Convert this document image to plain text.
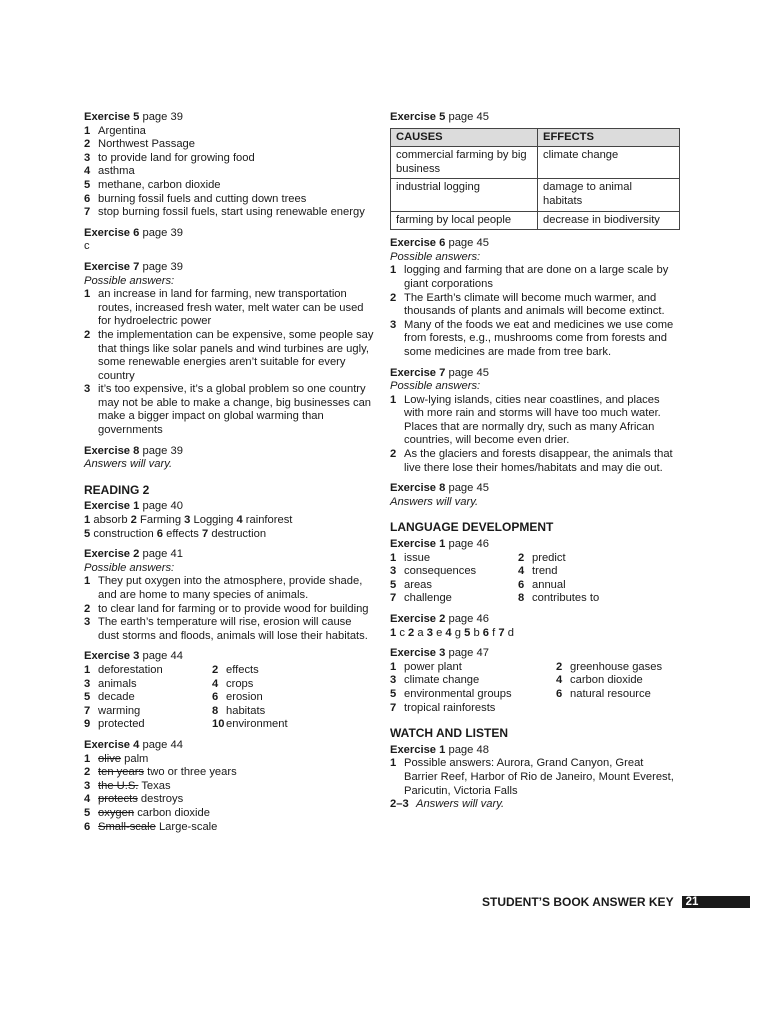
Exercise 5 page 39
1 Argentina
2 Northwest Passage
3 to provide land for growing food
4 asthma
5 methane, carbon dioxide
6 burning fossil fuels and cutting down trees
7 stop burning fossil fuels, start using renewable energy
Exercise 6 page 39
c
Exercise 7 page 39
Possible answers:
1 an increase in land for farming, new transportation routes, increased fresh water, melt water can be used for hydroelectric power
2 the implementation can be expensive, some people say that things like solar panels and wind turbines are ugly, some renewable energies aren’t suitable for every country
3 it’s too expensive, it’s a global problem so one country may not be able to make a change, big businesses can make a bigger impact on global warming than governments
Exercise 8 page 39
Answers will vary.
READING 2
Exercise 1 page 40
1 absorb 2 Farming 3 Logging 4 rainforest
5 construction 6 effects 7 destruction
Exercise 2 page 41
Possible answers:
1 They put oxygen into the atmosphere, provide shade, and are home to many species of animals.
2 to clear land for farming or to provide wood for building
3 The earth’s temperature will rise, erosion will cause dust storms and floods, animals will lose their habitats.
Exercise 3 page 44
1 deforestation	2 effects
3 animals	4 crops
5 decade	6 erosion
7 warming	8 habitats
9 protected	10 environment
Exercise 4 page 44
1 olive palm
2 ten years two or three years
3 the U.S. Texas
4 protects destroys
5 oxygen carbon dioxide
6 Small-scale Large-scale
Exercise 5 page 45
CAUSES	EFFECTS
commercial farming by big business	climate change
industrial logging	damage to animal habitats
farming by local people	decrease in biodiversity
Exercise 6 page 45
Possible answers:
1 logging and farming that are done on a large scale by giant corporations
2 The Earth’s climate will become much warmer, and thousands of plants and animals will become extinct.
3 Many of the foods we eat and medicines we use come from forests, e.g., mushrooms come from forests and some medicines are made from tree bark.
Exercise 7 page 45
Possible answers:
1 Low-lying islands, cities near coastlines, and places with more rain and storms will have too much water. Places that are normally dry, such as many African countries, will become even drier.
2 As the glaciers and forests disappear, the animals that live there lose their homes/habitats and may die out.
Exercise 8 page 45
Answers will vary.
LANGUAGE DEVELOPMENT
Exercise 1 page 46
1 issue	2 predict
3 consequences	4 trend
5 areas	6 annual
7 challenge	8 contributes to
Exercise 2 page 46
1 c 2 a 3 e 4 g 5 b 6 f 7 d
Exercise 3 page 47
1 power plant	2 greenhouse gases
3 climate change	4 carbon dioxide
5 environmental groups	6 natural resource
7 tropical rainforests
WATCH AND LISTEN
Exercise 1 page 48
1 Possible answers: Aurora, Grand Canyon, Great Barrier Reef, Harbor of Rio de Janeiro, Mount Everest, Paricutin, Victoria Falls
2–3 Answers will vary.
STUDENT’S BOOK ANSWER KEY	21
